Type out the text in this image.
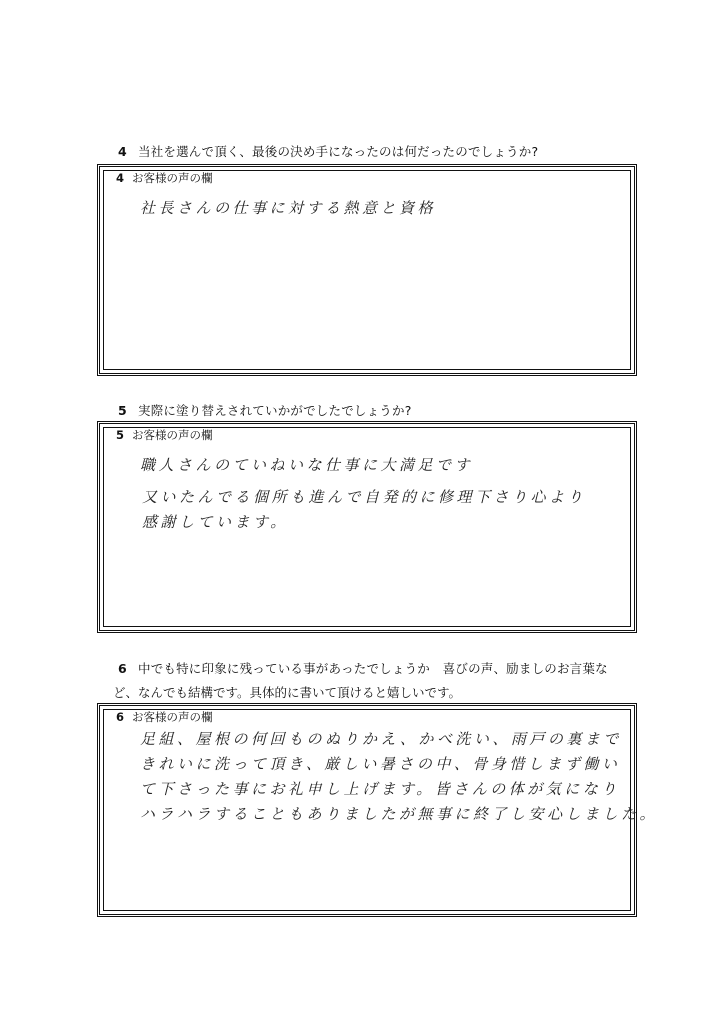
4 当社を選んで頂く、最後の決め手になったのは何だったのでしょうか?
4 お客様の声の欄
社長さんの仕事に対する熱意と資格
5 実際に塗り替えされていかがでしたでしょうか?
5 お客様の声の欄
職人さんのていねいな仕事に大満足です
又いたんでる個所も進んで自発的に修理下さり心より
感謝しています。
6 中でも特に印象に残っている事があったでしょうか　喜びの声、励ましのお言葉な
ど、なんでも結構です。具体的に書いて頂けると嬉しいです。
6 お客様の声の欄
足組、屋根の何回ものぬりかえ、かべ洗い、雨戸の裏まで
きれいに洗って頂き、厳しい暑さの中、骨身惜しまず働い
て下さった事にお礼申し上げます。皆さんの体が気になり
ハラハラすることもありましたが無事に終了し安心しました。
